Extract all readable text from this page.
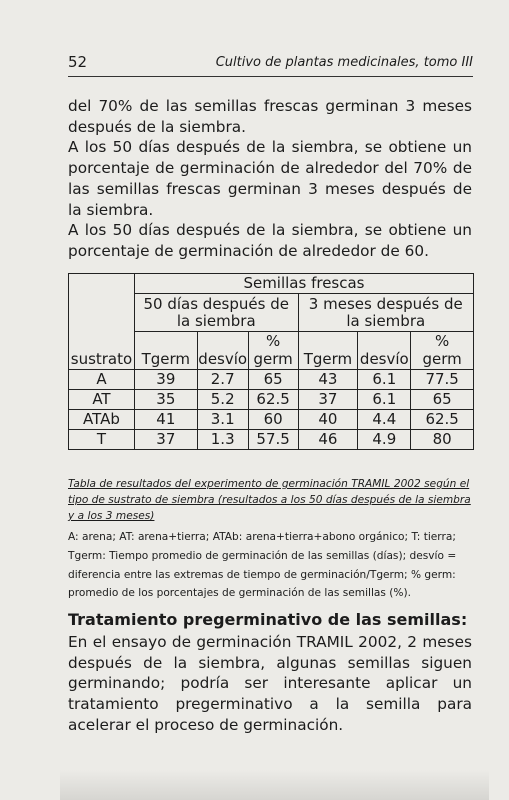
52	Cultivo de plantas medicinales, tomo III

del 70% de las semillas frescas germinan 3 meses después de la siembra.

A los 50 días después de la siembra, se obtiene un porcentaje de germinación de alrededor del 70% de las semillas frescas germinan 3 meses después de la siembra.

A los 50 días después de la siembra, se obtiene un porcentaje de germinación de alrededor de 60.

	Semillas frescas					
	50 días después de la siembra			3 meses después de la siembra		

			%			%
sustrato	Tgerm	desvío	germ	Tgerm	desvío	germ
A	39	2.7	65	43	6.1	77.5
AT	35	5.2	62.5	37	6.1	65
ATAb	41	3.1	60	40	4.4	62.5
T	37	1.3	57.5	46	4.9	80
Tabla de resultados del experimento de germinación TRAMIL 2002 según el tipo de sustrato de siembra (resultados a los 50 días después de la siembra y a los 3 meses)

A: arena; AT: arena+tierra; ATAb: arena+tierra+abono orgánico; T: tierra;

Tgerm: Tiempo promedio de germinación de las semillas (días); desvío = diferencia entre las extremas de tiempo de germinación/Tgerm; % germ: promedio de los porcentajes de germinación de las semillas (%).

Tratamiento pregerminativo de las semillas:
En el ensayo de germinación TRAMIL 2002, 2 meses después de la siembra, algunas semillas siguen germinando; podría ser interesante aplicar un tratamiento pregerminativo a la semilla para acelerar el proceso de germinación.
